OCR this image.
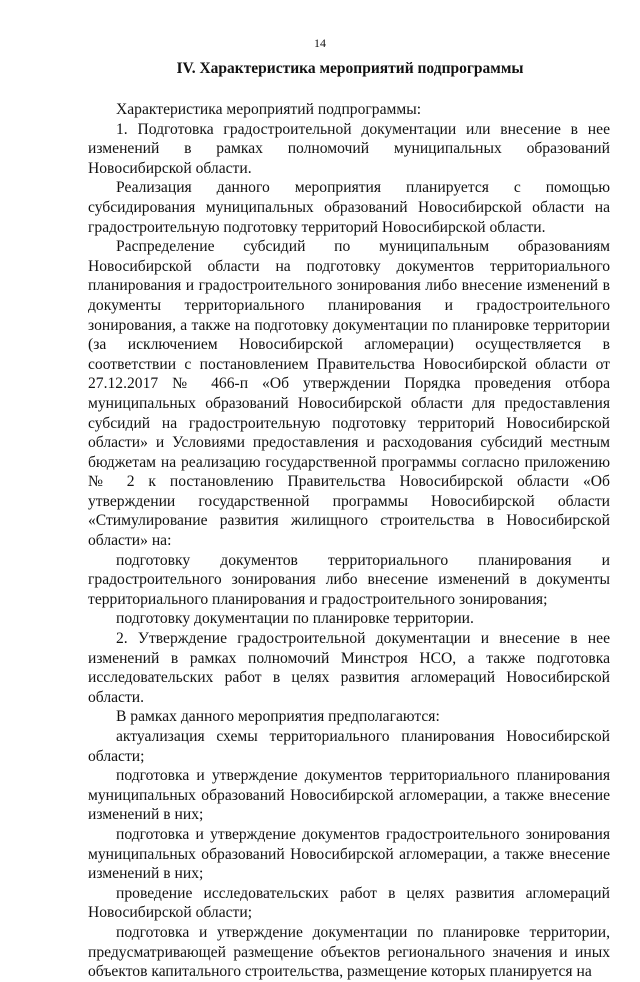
14
IV. Характеристика мероприятий подпрограммы

Характеристика мероприятий подпрограммы:

1. Подготовка градостроительной документации или внесение в нее изменений в рамках полномочий муниципальных образований Новосибирской области.

Реализация данного мероприятия планируется с помощью субсидирования муниципальных образований Новосибирской области на градостроительную подготовку территорий Новосибирской области.

Распределение субсидий по муниципальным образованиям Новосибирской области на подготовку документов территориального планирования и градостроительного зонирования либо внесение изменений в документы территориального планирования и градостроительного зонирования, а также на подготовку документации по планировке территории (за исключением Новосибирской агломерации) осуществляется в соответствии с постановлением Правительства Новосибирской области от 27.12.2017 № 466-п «Об утверждении Порядка проведения отбора муниципальных образований Новосибирской области для предоставления субсидий на градостроительную подготовку территорий Новосибирской области» и Условиями предоставления и расходования субсидий местным бюджетам на реализацию государственной программы согласно приложению № 2 к постановлению Правительства Новосибирской области «Об утверждении государственной программы Новосибирской области «Стимулирование развития жилищного строительства в Новосибирской области» на:

подготовку документов территориального планирования и градостроительного зонирования либо внесение изменений в документы территориального планирования и градостроительного зонирования;

подготовку документации по планировке территории.

2. Утверждение градостроительной документации и внесение в нее изменений в рамках полномочий Минстроя НСО, а также подготовка исследовательских работ в целях развития агломераций Новосибирской области.

В рамках данного мероприятия предполагаются:

актуализация схемы территориального планирования Новосибирской области;

подготовка и утверждение документов территориального планирования муниципальных образований Новосибирской агломерации, а также внесение изменений в них;

подготовка и утверждение документов градостроительного зонирования муниципальных образований Новосибирской агломерации, а также внесение изменений в них;

проведение исследовательских работ в целях развития агломераций Новосибирской области;

подготовка и утверждение документации по планировке территории, предусматривающей размещение объектов регионального значения и иных объектов капитального строительства, размещение которых планируется на
